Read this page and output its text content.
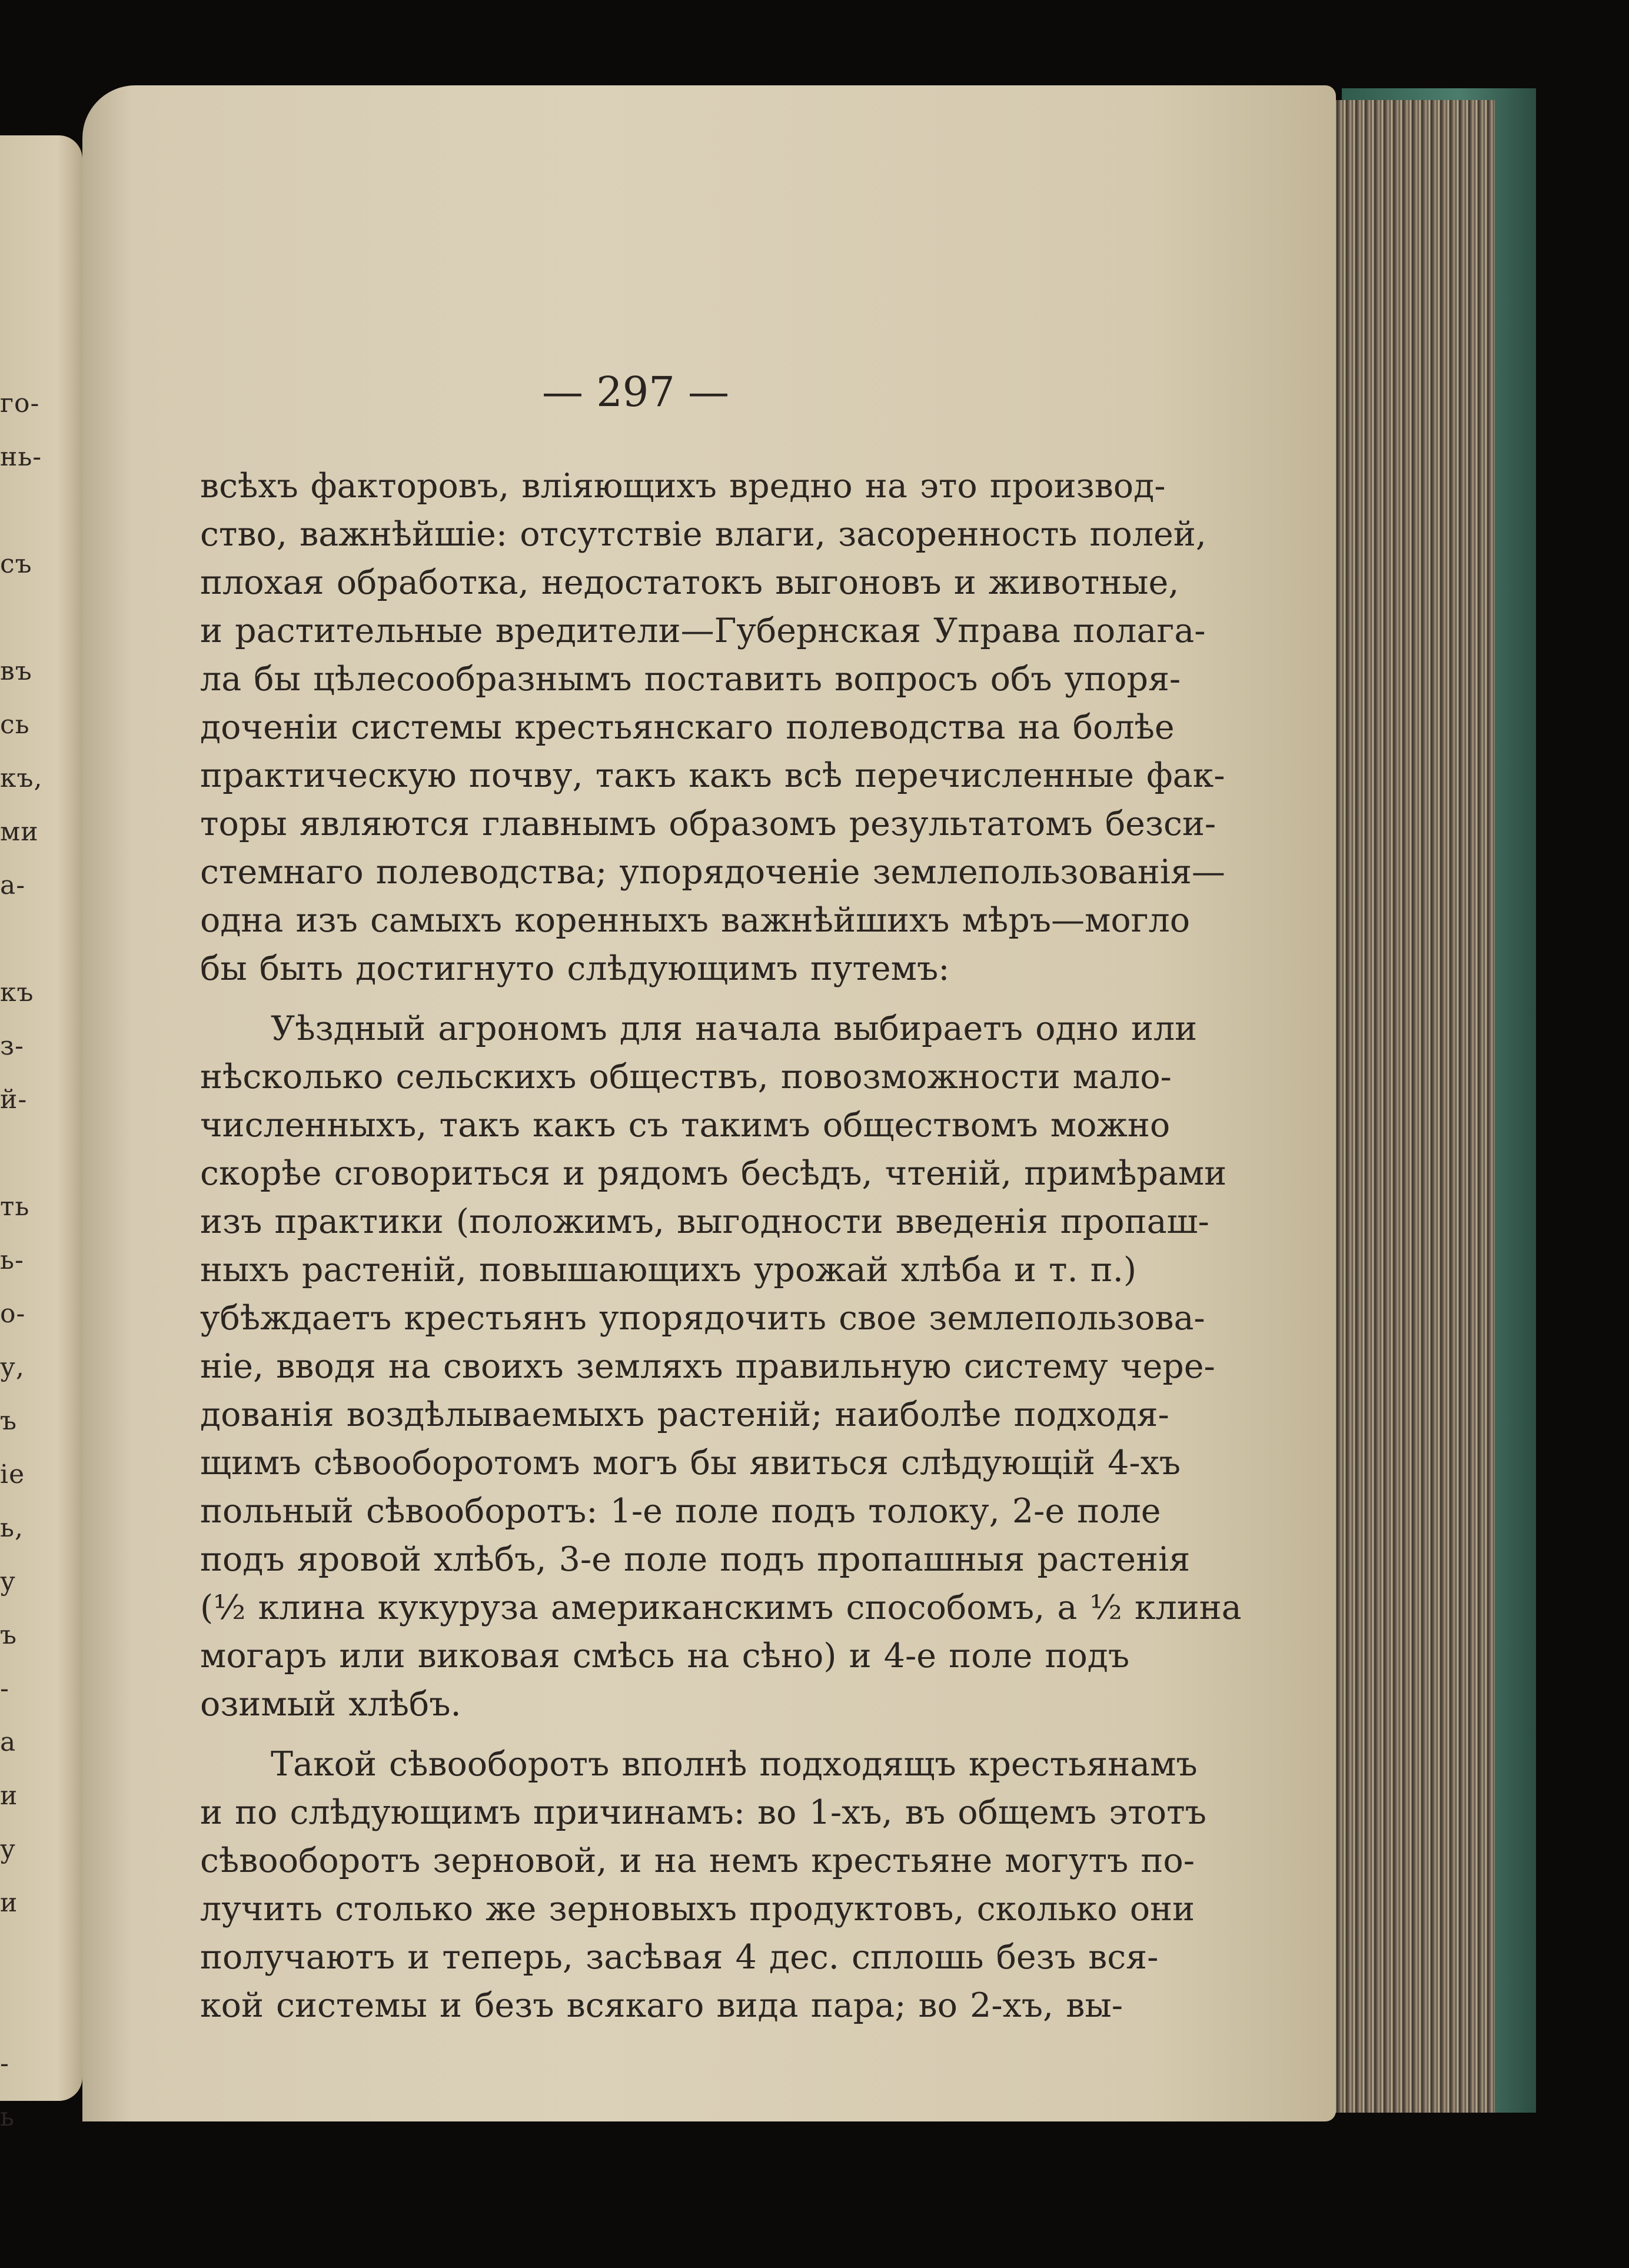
го-
нь-
съ
въ
сь
къ,
ми
а-
къ
з-
й-
ть
ь-
о-
у,
ъ
іе
ь,
у
ъ
-
а
и
у
и
-
ь
— 297 —
всѣхъ факторовъ, вліяющихъ вредно на это производ-
ство, важнѣйшіе: отсутствіе влаги, засоренность полей,
плохая обработка, недостатокъ выгоновъ и животные,
и растительные вредители—Губернская Управа полага-
ла бы цѣлесообразнымъ поставить вопросъ объ упоря-
доченіи системы крестьянскаго полеводства на болѣе
практическую почву, такъ какъ всѣ перечисленные фак-
торы являются главнымъ образомъ результатомъ безси-
стемнаго полеводства; упорядоченіе землепользованія—
одна изъ самыхъ коренныхъ важнѣйшихъ мѣръ—могло
бы быть достигнуто слѣдующимъ путемъ:
Уѣздный агрономъ для начала выбираетъ одно или
нѣсколько сельскихъ обществъ, повозможности мало-
численныхъ, такъ какъ съ такимъ обществомъ можно
скорѣе сговориться и рядомъ бесѣдъ, чтеній, примѣрами
изъ практики (положимъ, выгодности введенія пропаш-
ныхъ растеній, повышающихъ урожай хлѣба и т. п.)
убѣждаетъ крестьянъ упорядочить свое землепользова-
ніе, вводя на своихъ земляхъ правильную систему чере-
дованія воздѣлываемыхъ растеній; наиболѣе подходя-
щимъ сѣвооборотомъ могъ бы явиться слѣдующій 4-хъ
польный сѣвооборотъ: 1-е поле подъ толоку, 2-е поле
подъ яровой хлѣбъ, 3-е поле подъ пропашныя растенія
(½ клина кукуруза американскимъ способомъ, а ½ клина
могаръ или виковая смѣсь на сѣно) и 4-е поле подъ
озимый хлѣбъ.
Такой сѣвооборотъ вполнѣ подходящъ крестьянамъ
и по слѣдующимъ причинамъ: во 1-хъ, въ общемъ этотъ
сѣвооборотъ зерновой, и на немъ крестьяне могутъ по-
лучить столько же зерновыхъ продуктовъ, сколько они
получаютъ и теперь, засѣвая 4 дес. сплошь безъ вся-
кой системы и безъ всякаго вида пара; во 2-хъ, вы-
